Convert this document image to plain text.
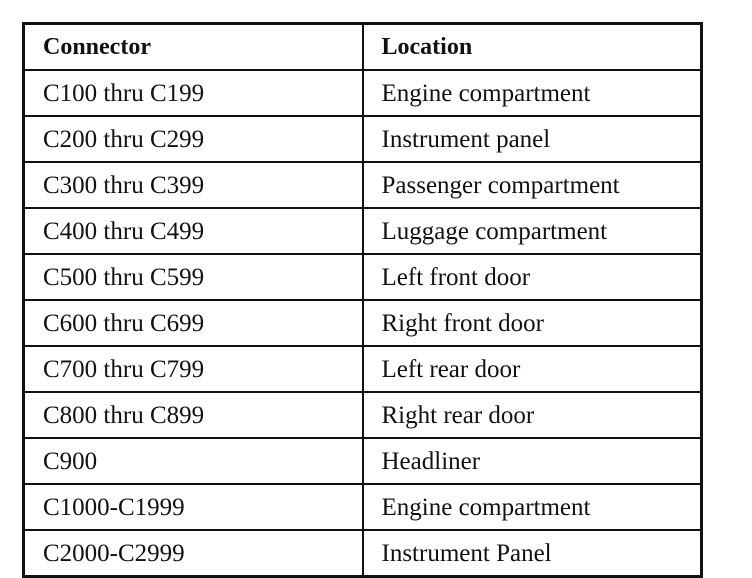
Connector	Location
C100 thru C199	Engine compartment
C200 thru C299	Instrument panel
C300 thru C399	Passenger compartment
C400 thru C499	Luggage compartment
C500 thru C599	Left front door
C600 thru C699	Right front door
C700 thru C799	Left rear door
C800 thru C899	Right rear door
C900	Headliner
C1000-C1999	Engine compartment
C2000-C2999	Instrument Panel
